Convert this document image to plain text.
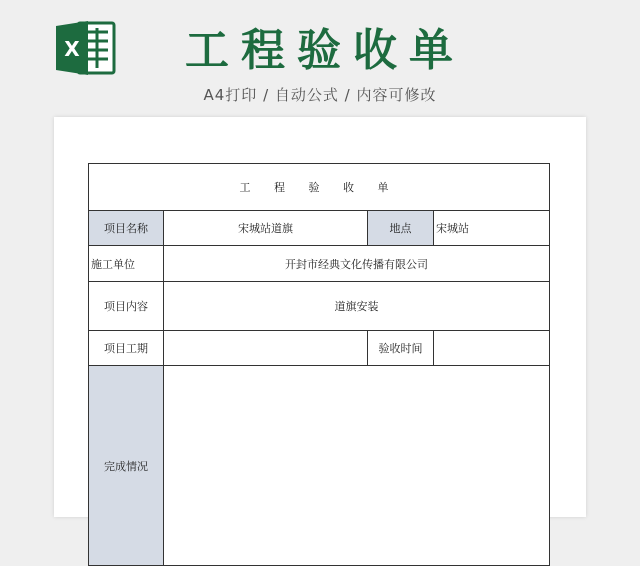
X	工程验收单
A4打印 / 自动公式 / 内容可修改
工 程 验 收 单			
项目名称	宋城站道旗	地点	宋城站
施工单位	开封市经典文化传播有限公司		
项目内容	道旗安装		
项目工期		验收时间	
完成情况			
